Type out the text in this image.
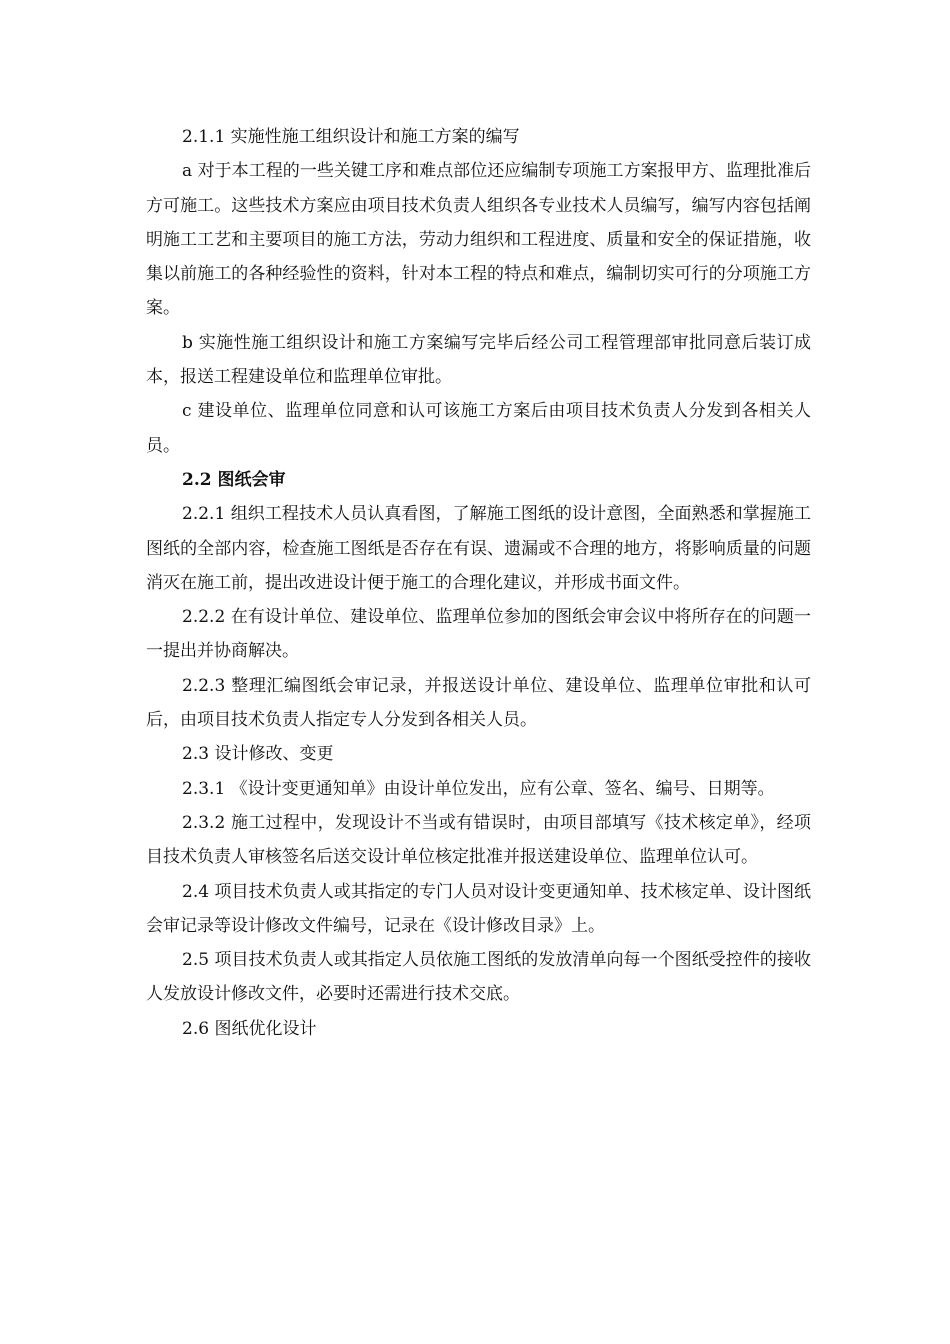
2.1.1 实施性施工组织设计和施工方案的编写

a 对于本工程的一些关键工序和难点部位还应编制专项施工方案报甲方、监理批准后方可施工。这些技术方案应由项目技术负责人组织各专业技术人员编写，编写内容包括阐明施工工艺和主要项目的施工方法，劳动力组织和工程进度、质量和安全的保证措施，收集以前施工的各种经验性的资料，针对本工程的特点和难点，编制切实可行的分项施工方案。

b 实施性施工组织设计和施工方案编写完毕后经公司工程管理部审批同意后装订成本，报送工程建设单位和监理单位审批。

c 建设单位、监理单位同意和认可该施工方案后由项目技术负责人分发到各相关人员。

2.2 图纸会审

2.2.1 组织工程技术人员认真看图，了解施工图纸的设计意图，全面熟悉和掌握施工图纸的全部内容，检查施工图纸是否存在有误、遗漏或不合理的地方，将影响质量的问题消灭在施工前，提出改进设计便于施工的合理化建议，并形成书面文件。

2.2.2 在有设计单位、建设单位、监理单位参加的图纸会审会议中将所存在的问题一一提出并协商解决。

2.2.3 整理汇编图纸会审记录，并报送设计单位、建设单位、监理单位审批和认可后，由项目技术负责人指定专人分发到各相关人员。

2.3 设计修改、变更

2.3.1 《设计变更通知单》由设计单位发出，应有公章、签名、编号、日期等。

2.3.2 施工过程中，发现设计不当或有错误时，由项目部填写《技术核定单》，经项目技术负责人审核签名后送交设计单位核定批准并报送建设单位、监理单位认可。

2.4 项目技术负责人或其指定的专门人员对设计变更通知单、技术核定单、设计图纸会审记录等设计修改文件编号，记录在《设计修改目录》上。

2.5 项目技术负责人或其指定人员依施工图纸的发放清单向每一个图纸受控件的接收人发放设计修改文件，必要时还需进行技术交底。

2.6 图纸优化设计
